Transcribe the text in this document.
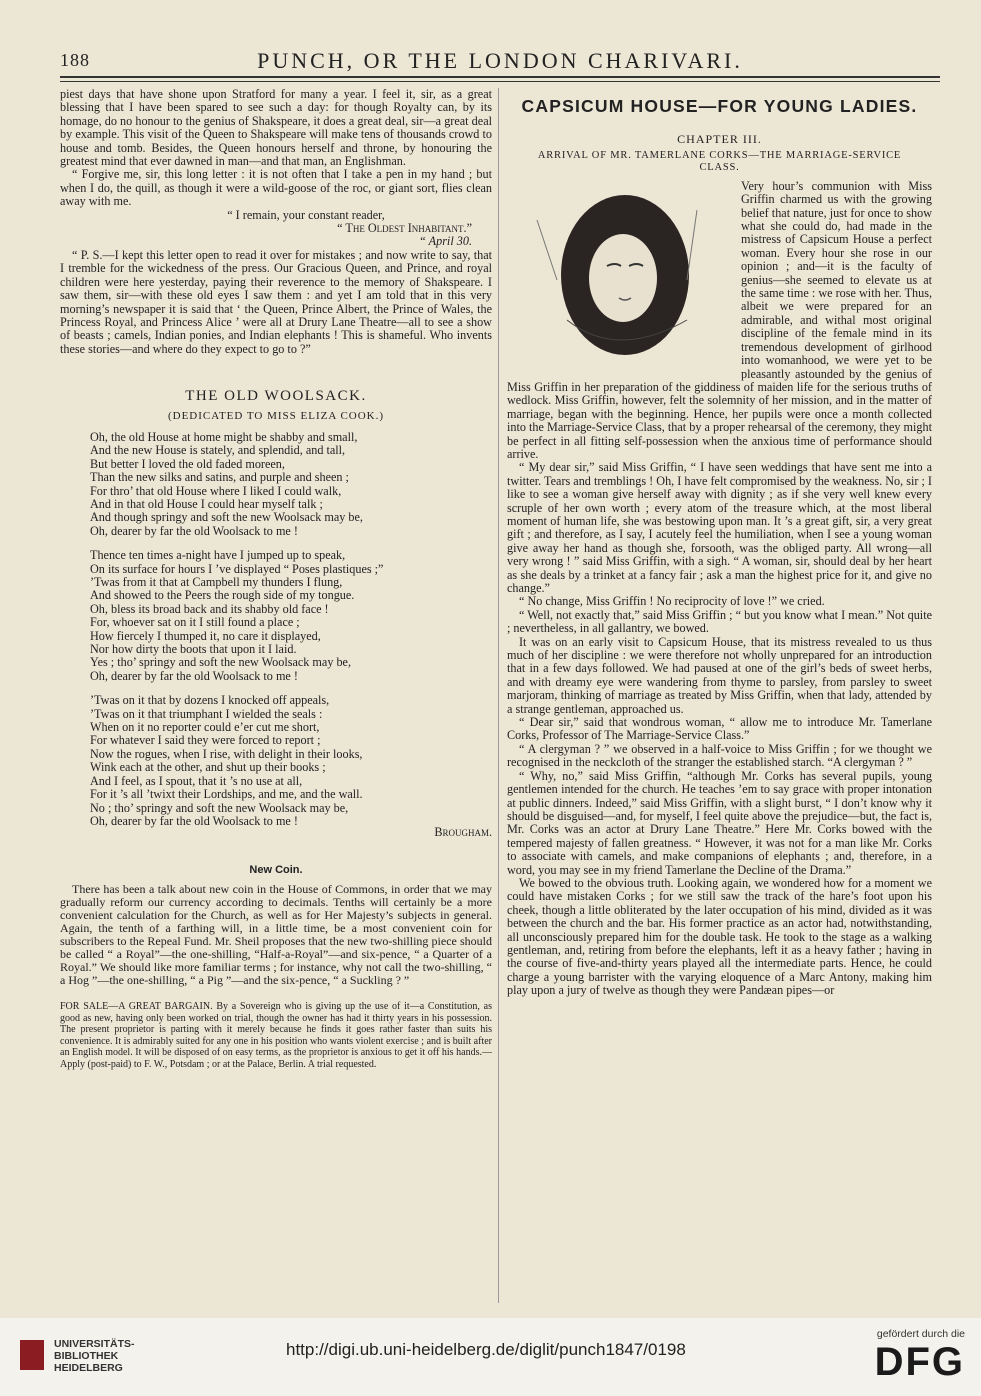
188	PUNCH, OR THE LONDON CHARIVARI.

piest days that have shone upon Stratford for many a year. I feel it, sir, as a great blessing that I have been spared to see such a day: for though Royalty can, by its homage, do no honour to the genius of Shakspeare, it does a great deal, sir—a great deal by example. This visit of the Queen to Shakspeare will make tens of thousands crowd to house and tomb. Besides, the Queen honours herself and throne, by honouring the greatest mind that ever dawned in man—and that man, an Englishman.

“ Forgive me, sir, this long letter : it is not often that I take a pen in my hand ; but when I do, the quill, as though it were a wild-goose of the roc, or giant sort, flies clean away with me.

“ I remain, your constant reader,
“ The Oldest Inhabitant.”
“ April 30.

“ P. S.—I kept this letter open to read it over for mistakes ; and now write to say, that I tremble for the wickedness of the press. Our Gracious Queen, and Prince, and royal children were here yesterday, paying their reverence to the memory of Shakspeare. I saw them, sir—with these old eyes I saw them : and yet I am told that in this very morning’s newspaper it is said that ‘ the Queen, Prince Albert, the Prince of Wales, the Princess Royal, and Princess Alice ’ were all at Drury Lane Theatre—all to see a show of beasts ; camels, Indian ponies, and Indian elephants ! This is shameful. Who invents these stories—and where do they expect to go to ?”

THE OLD WOOLSACK.
(DEDICATED TO MISS ELIZA COOK.)

Oh, the old House at home might be shabby and small,

And the new House is stately, and splendid, and tall,

But better I loved the old faded moreen,

Than the new silks and satins, and purple and sheen ;

For thro’ that old House where I liked I could walk,

And in that old House I could hear myself talk ;

And though springy and soft the new Woolsack may be,

Oh, dearer by far the old Woolsack to me !

Thence ten times a-night have I jumped up to speak,

On its surface for hours I ’ve displayed “ Poses plastiques ;”

’Twas from it that at Campbell my thunders I flung,

And showed to the Peers the rough side of my tongue.

Oh, bless its broad back and its shabby old face !

For, whoever sat on it I still found a place ;

How fiercely I thumped it, no care it displayed,

Nor how dirty the boots that upon it I laid.

Yes ; tho’ springy and soft the new Woolsack may be,

Oh, dearer by far the old Woolsack to me !

’Twas on it that by dozens I knocked off appeals,

’Twas on it that triumphant I wielded the seals :

When on it no reporter could e’er cut me short,

For whatever I said they were forced to report ;

Now the rogues, when I rise, with delight in their looks,

Wink each at the other, and shut up their books ;

And I feel, as I spout, that it ’s no use at all,

For it ’s all ’twixt their Lordships, and me, and the wall.

No ; tho’ springy and soft the new Woolsack may be,

Oh, dearer by far the old Woolsack to me !

Brougham.
New Coin.

There has been a talk about new coin in the House of Commons, in order that we may gradually reform our currency according to decimals. Tenths will certainly be a more convenient calculation for the Church, as well as for Her Majesty’s subjects in general. Again, the tenth of a farthing will, in a little time, be a most convenient coin for subscribers to the Repeal Fund. Mr. Sheil proposes that the new two-shilling piece should be called “ a Royal”—the one-shilling, “Half-a-Royal”—and six-pence, “ a Quarter of a Royal.” We should like more familiar terms ; for instance, why not call the two-shilling, “ a Hog ”—the one-shilling, “ a Pig ”—and the six-pence, “ a Suckling ? ”

FOR SALE—A GREAT BARGAIN. By a Sovereign who is giving up the use of it—a Constitution, as good as new, having only been worked on trial, though the owner has had it thirty years in his possession. The present proprietor is parting with it merely because he finds it goes rather faster than suits his convenience. It is admirably suited for any one in his position who wants violent exercise ; and is built after an English model. It will be disposed of on easy terms, as the proprietor is anxious to get it off his hands.—Apply (post-paid) to F. W., Potsdam ; or at the Palace, Berlin. A trial requested.

CAPSICUM HOUSE—FOR YOUNG LADIES.
CHAPTER III.
ARRIVAL OF MR. TAMERLANE CORKS—THE MARRIAGE-SERVICE CLASS.

Very hour’s communion with Miss Griffin charmed us with the growing belief that nature, just for once to show what she could do, had made in the mistress of Capsicum House a perfect woman. Every hour she rose in our opinion ; and—it is the faculty of genius—she seemed to elevate us at the same time : we rose with her. Thus, albeit we were prepared for an admirable, and withal most original discipline of the female mind in its tremendous development of girlhood into womanhood, we were yet to be pleasantly astounded by the genius of Miss Griffin in her preparation of the giddiness of maiden life for the serious truths of wedlock. Miss Griffin, however, felt the solemnity of her mission, and in the matter of marriage, began with the beginning. Hence, her pupils were once a month collected into the Marriage-Service Class, that by a proper rehearsal of the ceremony, they might be perfect in all fitting self-possession when the anxious time of performance should arrive.

“ My dear sir,” said Miss Griffin, “ I have seen weddings that have sent me into a twitter. Tears and tremblings ! Oh, I have felt compromised by the weakness. No, sir ; I like to see a woman give herself away with dignity ; as if she very well knew every scruple of her own worth ; every atom of the treasure which, at the most liberal moment of human life, she was bestowing upon man. It ’s a great gift, sir, a very great gift ; and therefore, as I say, I acutely feel the humiliation, when I see a young woman give away her hand as though she, forsooth, was the obliged party. All wrong—all very wrong ! ” said Miss Griffin, with a sigh. “ A woman, sir, should deal by her heart as she deals by a trinket at a fancy fair ; ask a man the highest price for it, and give no change.”

“ No change, Miss Griffin ! No reciprocity of love !” we cried.

“ Well, not exactly that,” said Miss Griffin ; “ but you know what I mean.” Not quite ; nevertheless, in all gallantry, we bowed.

It was on an early visit to Capsicum House, that its mistress revealed to us thus much of her discipline : we were therefore not wholly unprepared for an introduction that in a few days followed. We had paused at one of the girl’s beds of sweet herbs, and with dreamy eye were wandering from thyme to parsley, from parsley to sweet marjoram, thinking of marriage as treated by Miss Griffin, when that lady, attended by a strange gentleman, approached us.

“ Dear sir,” said that wondrous woman, “ allow me to introduce Mr. Tamerlane Corks, Professor of The Marriage-Service Class.”

“ A clergyman ? ” we observed in a half-voice to Miss Griffin ; for we thought we recognised in the neckcloth of the stranger the established starch. “A clergyman ? ”

“ Why, no,” said Miss Griffin, “although Mr. Corks has several pupils, young gentlemen intended for the church. He teaches ’em to say grace with proper intonation at public dinners. Indeed,” said Miss Griffin, with a slight burst, “ I don’t know why it should be disguised—and, for myself, I feel quite above the prejudice—but, the fact is, Mr. Corks was an actor at Drury Lane Theatre.” Here Mr. Corks bowed with the tempered majesty of fallen greatness. “ However, it was not for a man like Mr. Corks to associate with camels, and make companions of elephants ; and, therefore, in a word, you may see in my friend Tamerlane the Decline of the Drama.”

We bowed to the obvious truth. Looking again, we wondered how for a moment we could have mistaken Corks ; for we still saw the track of the hare’s foot upon his cheek, though a little obliterated by the later occupation of his mind, divided as it was between the church and the bar. His former practice as an actor had, notwithstanding, all unconsciously prepared him for the double task. He took to the stage as a walking gentleman, and, retiring from before the elephants, left it as a heavy father ; having in the course of five-and-thirty years played all the intermediate parts. Hence, he could charge a young barrister with the varying eloquence of a Marc Antony, making him play upon a jury of twelve as though they were Pandæan pipes—or

UNIVERSITÄTS-
BIBLIOTHEK
HEIDELBERG
http://digi.ub.uni-heidelberg.de/diglit/punch1847/0198
gefördert durch die
DFG
